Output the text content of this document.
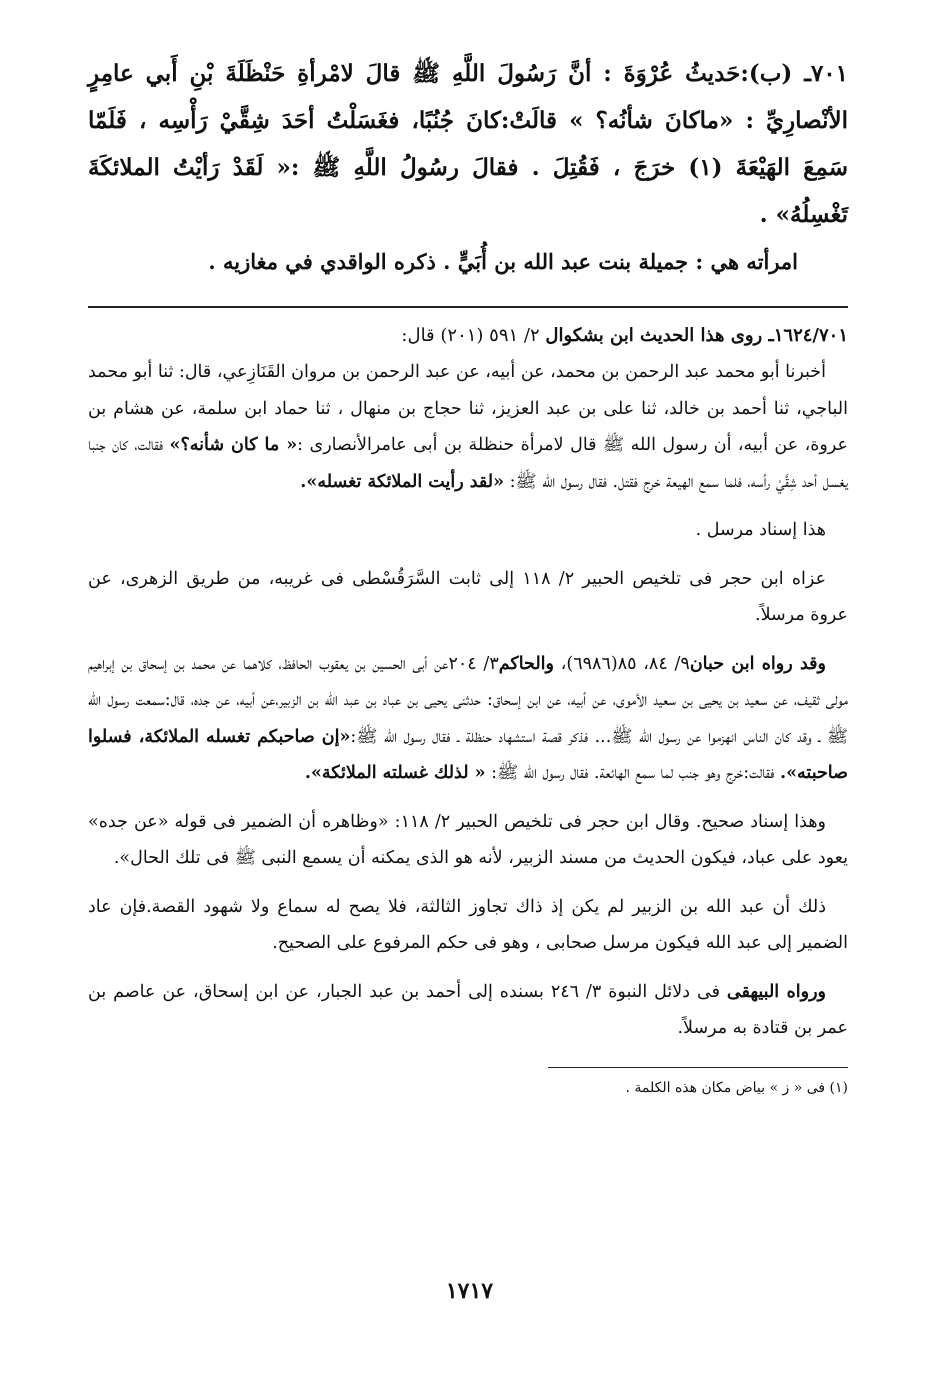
٧٠١ـ (ب):حَديثُ عُرْوَةَ : أنَّ رَسُولَ اللَّهِ ﷺ قالَ لامْرأةِ حَنْظَلَةَ بْنِ أَبي عامِرٍ الأنْصارِيِّ : «ماكانَ شأنُه؟ » قالَتْ:كانَ جُنُبًا، فغَسَلْتُ أحَدَ شِقَّيْ رَأْسِه ، فَلَمّا سَمِعَ الهَيْعَةَ (١) خرَجَ ، فَقُتِلَ . فقالَ رسُولُ اللَّهِ ﷺ :« لَقَدْ رَأيْتُ الملائكَةَ تَغْسِلُهُ» .

امرأته هي : جميلة بنت عبد الله بن أُبَيٍّ . ذكره الواقدي في مغازيه .

١٦٢٤/٧٠١ـ روى هذا الحديث ابن بشكوال ٢/ ٥٩١ (٢٠١) قال:

أخبرنا أبو محمد عبد الرحمن بن محمد، عن أبيه، عن عبد الرحمن بن مروان القَنَازِعي، قال: ثنا أبو محمد الباجي، ثنا أحمد بن خالد، ثنا على بن عبد العزيز، ثنا حجاج بن منهال ، ثنا حماد ابن سلمة، عن هشام بن عروة، عن أبيه، أن رسول الله ﷺ قال لامرأة حنظلة بن أبى عامرالأنصارى :« ما كان شأنه؟» فقالت، كان جنبا يغسل أحد شِقَّيْ رأسه، فلما سمع الهيعة خرج فقتل. فقال رسول الله ﷺ: «لقد رأيت الملائكة تغسله».

هذا إسناد مرسل .

عزاه ابن حجر فى تلخيص الحبير ٢/ ١١٨ إلى ثابت السَّرَقُسْطى فى غريبه، من طريق الزهرى، عن عروة مرسلاً.

وقد رواه ابن حبان٩/ ٨٤، ٨٥(٦٩٨٦)، والحاكم٣/ ٢٠٤عن أبى الحسين بن يعقوب الحافظ، كلاهما عن محمد بن إسحاق بن إبراهيم مولى ثقيف، عن سعيد بن يحيى بن سعيد الأموى، عن أبيه، عن ابن إسحاق: حدثنى يحيى بن عباد بن عبد الله بن الزبير،عن أبيه، عن جده، قال:سمعت رسول الله ﷺ ـ وقد كان الناس انهزموا عن رسول الله ﷺ... فذكر قصة استشهاد حنظلة ـ فقال رسول الله ﷺ:«إن صاحبكم تغسله الملائكة، فسلوا صاحبته». فقالت:خرج وهو جنب لما سمع الهائعة. فقال رسول الله ﷺ: « لذلك غسلته الملائكة».

وهذا إسناد صحيح. وقال ابن حجر فى تلخيص الحبير ٢/ ١١٨: «وظاهره أن الضمير فى قوله «عن جده» يعود على عباد، فيكون الحديث من مسند الزبير، لأنه هو الذى يمكنه أن يسمع النبى ﷺ فى تلك الحال».

ذلك أن عبد الله بن الزبير لم يكن إذ ذاك تجاوز الثالثة، فلا يصح له سماع ولا شهود القصة.فإن عاد الضمير إلى عبد الله فيكون مرسل صحابى ، وهو فى حكم المرفوع على الصحيح.

ورواه البيهقى فى دلائل النبوة ٣/ ٢٤٦ بسنده إلى أحمد بن عبد الجبار، عن ابن إسحاق، عن عاصم بن عمر بن قتادة به مرسلاً.

(١) فى « ز » بياض مكان هذه الكلمة .

١٧١٧
